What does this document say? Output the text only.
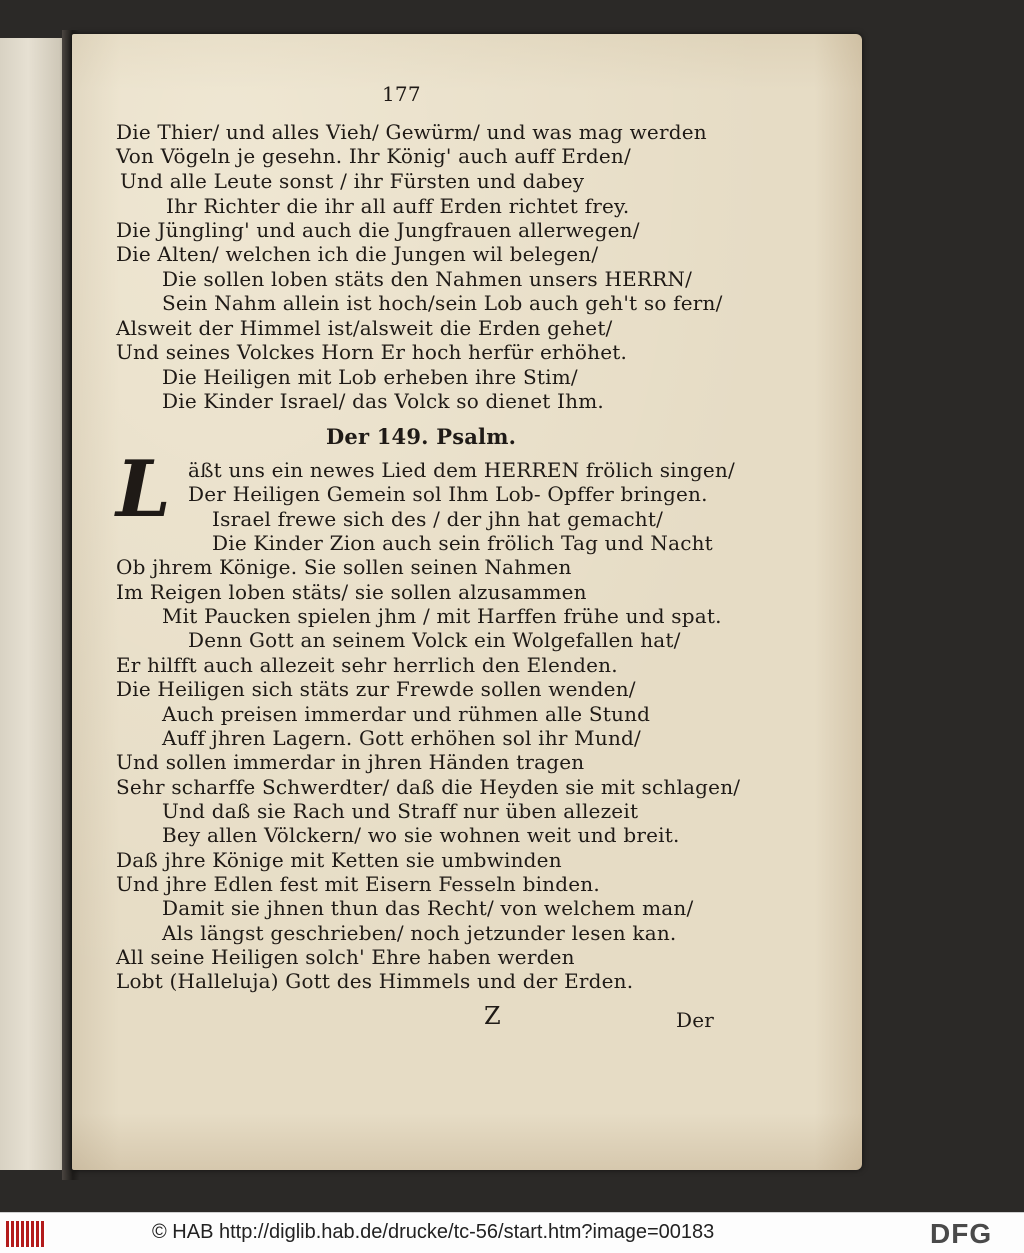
177
Die Thier/ und alles Vieh/ Gewürm/ und was mag werden
Von Vögeln je gesehn. Ihr König' auch auff Erden/
Und alle Leute sonst / ihr Fürsten und dabey
Ihr Richter die ihr all auff Erden richtet frey.
Die Jüngling' und auch die Jungfrauen allerwegen/
Die Alten/ welchen ich die Jungen wil belegen/
Die sollen loben stäts den Nahmen unsers HERRN/
Sein Nahm allein ist hoch/sein Lob auch geh't so fern/
Alsweit der Himmel ist/alsweit die Erden gehet/
Und seines Volckes Horn Er hoch herfür erhöhet.
Die Heiligen mit Lob erheben ihre Stim/
Die Kinder Israel/ das Volck so dienet Ihm.
Der 149. Psalm.
L äßt uns ein newes Lied dem HERREN frölich singen/
Der Heiligen Gemein sol Ihm Lob- Opffer bringen.
Israel frewe sich des / der jhn hat gemacht/
Die Kinder Zion auch sein frölich Tag und Nacht
Ob jhrem Könige. Sie sollen seinen Nahmen
Im Reigen loben stäts/ sie sollen alzusammen
Mit Paucken spielen jhm / mit Harffen frühe und spat.
Denn Gott an seinem Volck ein Wolgefallen hat/
Er hilfft auch allezeit sehr herrlich den Elenden.
Die Heiligen sich stäts zur Frewde sollen wenden/
Auch preisen immerdar und rühmen alle Stund
Auff jhren Lagern. Gott erhöhen sol ihr Mund/
Und sollen immerdar in jhren Händen tragen
Sehr scharffe Schwerdter/ daß die Heyden sie mit schlagen/
Und daß sie Rach und Straff nur üben allezeit
Bey allen Völckern/ wo sie wohnen weit und breit.
Daß jhre Könige mit Ketten sie umbwinden
Und jhre Edlen fest mit Eisern Fesseln binden.
Damit sie jhnen thun das Recht/ von welchem man/
Als längst geschrieben/ noch jetzunder lesen kan.
All seine Heiligen solch' Ehre haben werden
Lobt (Halleluja) Gott des Himmels und der Erden.
Z	Der
© HAB http://diglib.hab.de/drucke/tc-56/start.htm?image=00183	DFG
